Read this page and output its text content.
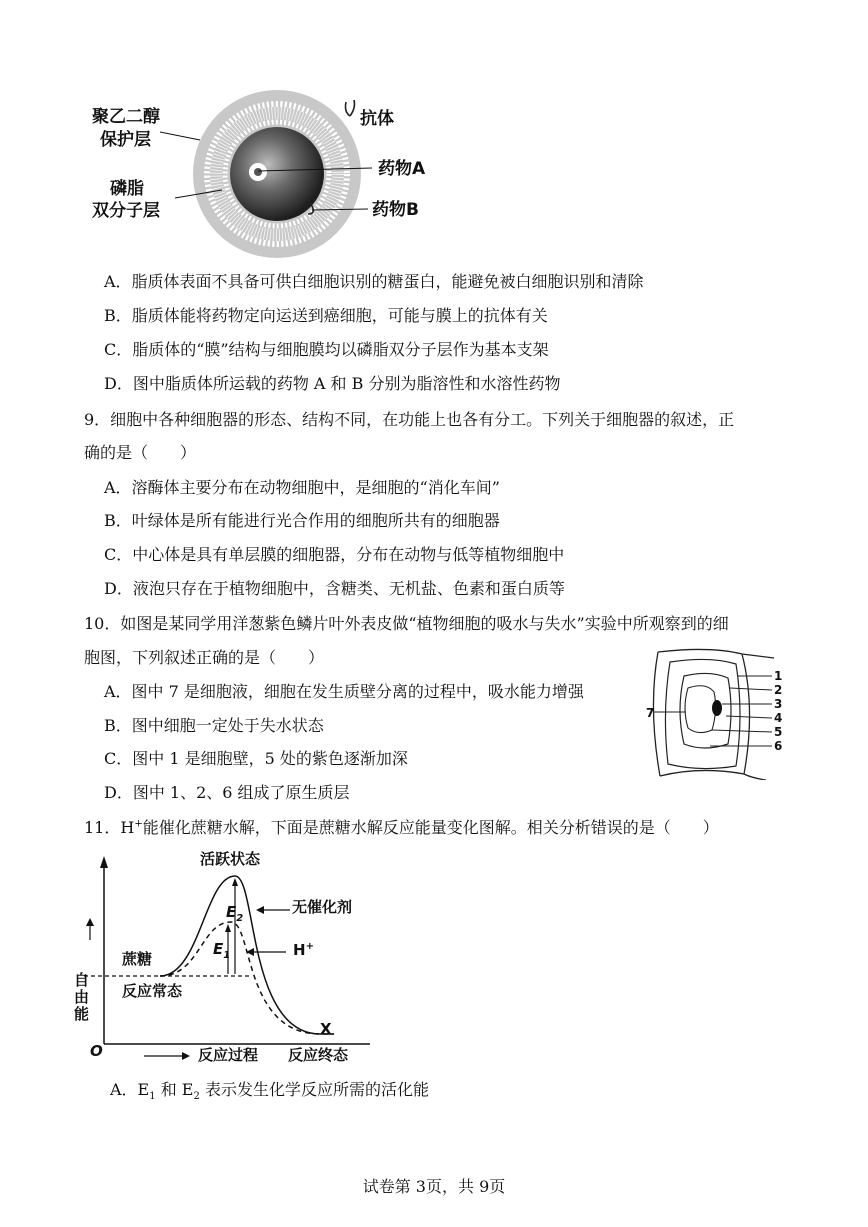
聚乙二醇
保护层
磷脂
双分子层
抗体
药物A
药物B
A．脂质体表面不具备可供白细胞识别的糖蛋白，能避免被白细胞识别和清除
B．脂质体能将药物定向运送到癌细胞，可能与膜上的抗体有关
C．脂质体的“膜”结构与细胞膜均以磷脂双分子层作为基本支架
D．图中脂质体所运载的药物 A 和 B 分别为脂溶性和水溶性药物
9．细胞中各种细胞器的形态、结构不同，在功能上也各有分工。下列关于细胞器的叙述，正
确的是（　　）
A．溶酶体主要分布在动物细胞中，是细胞的“消化车间”
B．叶绿体是所有能进行光合作用的细胞所共有的细胞器
C．中心体是具有单层膜的细胞器，分布在动物与低等植物细胞中
D．液泡只存在于植物细胞中，含糖类、无机盐、色素和蛋白质等
10．如图是某同学用洋葱紫色鳞片叶外表皮做“植物细胞的吸水与失水”实验中所观察到的细
胞图，下列叙述正确的是（　　）
A．图中 7 是细胞液，细胞在发生质壁分离的过程中，吸水能力增强
B．图中细胞一定处于失水状态
C．图中 1 是细胞壁，5 处的紫色逐渐加深
D．图中 1、2、6 组成了原生质层
1
2
3
4
5
6
7
11．H+能催化蔗糖水解，下面是蔗糖水解反应能量变化图解。相关分析错误的是（　　）
活跃状态
无催化剂
H+
$E_2$
$E_1$
蔗糖
反应常态
X
O	反应过程 反应终态
自由能
A．$E_1$ 和 $E_2$ 表示发生化学反应所需的活化能
试卷第 3页，共 9页
